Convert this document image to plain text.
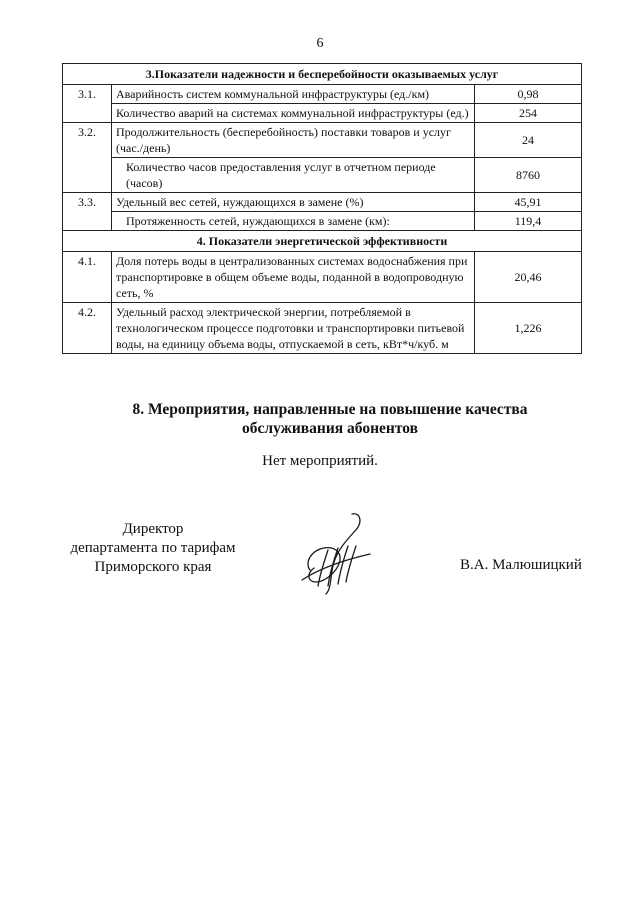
6
3.Показатели надежности и бесперебойности оказываемых услуг		
3.1.	Аварийность систем коммунальной инфраструктуры (ед./км)	0,98
	Количество аварий на системах коммунальной инфраструктуры (ед.)	254
3.2.	Продолжительность (бесперебойность) поставки товаров и услуг (час./день)	24
	Количество часов предоставления услуг в отчетном периоде (часов)	8760
3.3.	Удельный вес сетей, нуждающихся в замене (%)	45,91
	Протяженность сетей, нуждающихся в замене (км):	119,4
4. Показатели энергетической эффективности		
4.1.	Доля потерь воды в централизованных системах водоснабжения при транспортировке в общем объеме воды, поданной в водопроводную сеть, %	20,46
4.2.	Удельный расход электрической энергии, потребляемой в технологическом процессе подготовки и транспортировки питьевой воды, на единицу объема воды, отпускаемой в сеть, кВт*ч/куб. м	1,226
8. Мероприятия, направленные на повышение качества
обслуживания абонентов
Нет мероприятий.
Директор
департамента по тарифам
Приморского края	В.А. Малюшицкий
